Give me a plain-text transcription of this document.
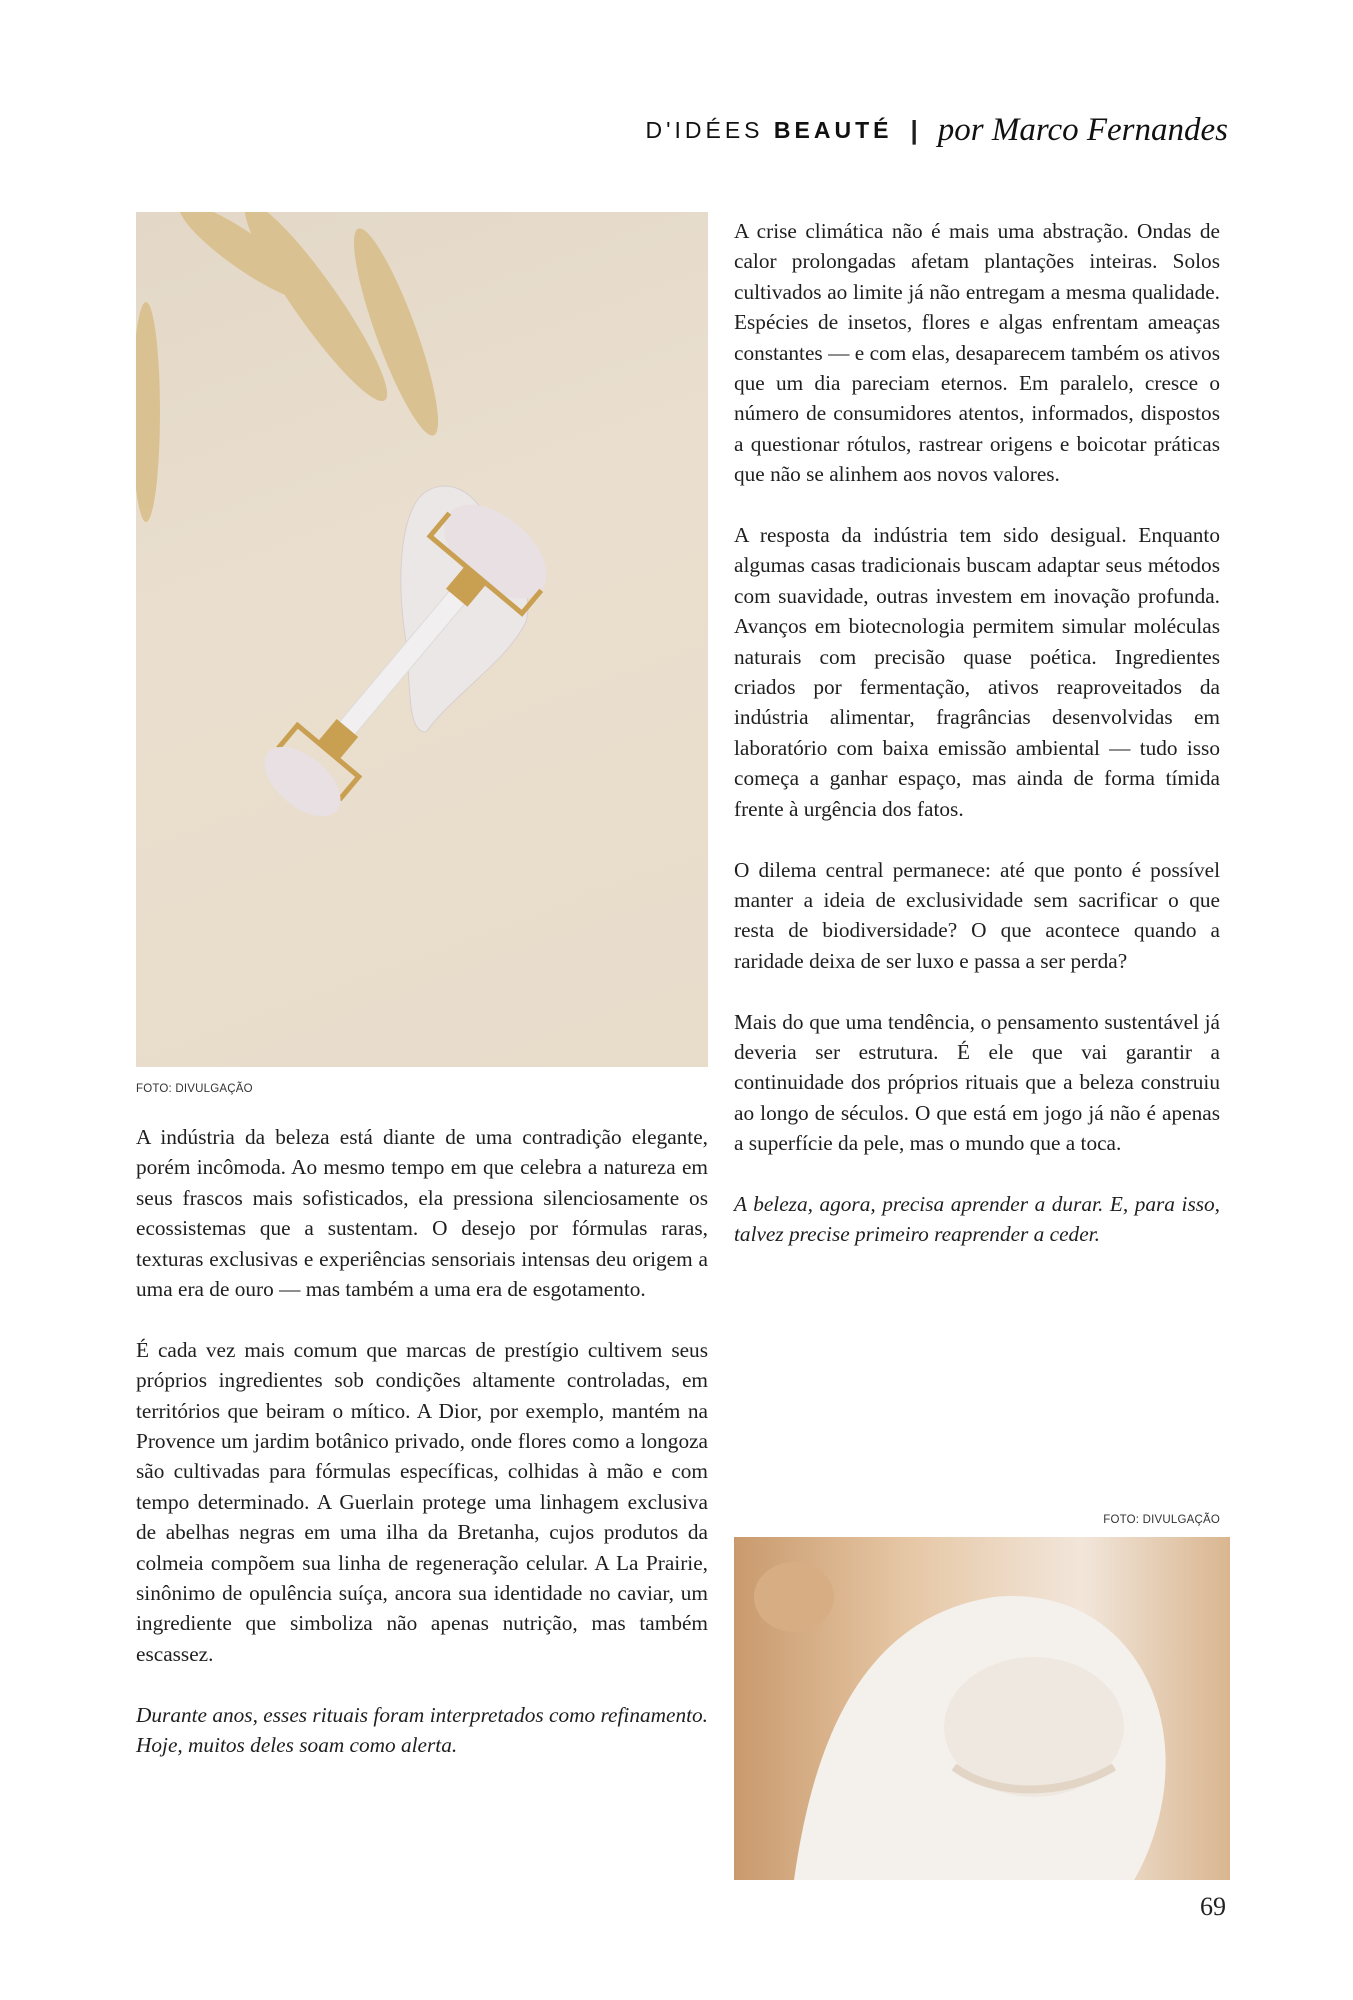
D'IDÉES BEAUTÉ | por Marco Fernandes
FOTO: DIVULGAÇÃO

A indústria da beleza está diante de uma contradição elegante, porém incômoda. Ao mesmo tempo em que celebra a natureza em seus frascos mais sofisticados, ela pressiona silenciosamente os ecossistemas que a sustentam. O desejo por fórmulas raras, texturas exclusivas e experiências sensoriais intensas deu origem a uma era de ouro — mas também a uma era de esgotamento.

É cada vez mais comum que marcas de prestígio cultivem seus próprios ingredientes sob condições altamente controladas, em territórios que beiram o mítico. A Dior, por exemplo, mantém na Provence um jardim botânico privado, onde flores como a longoza são cultivadas para fórmulas específicas, colhidas à mão e com tempo determinado. A Guerlain protege uma linhagem exclusiva de abelhas negras em uma ilha da Bretanha, cujos produtos da colmeia compõem sua linha de regeneração celular. A La Prairie, sinônimo de opulência suíça, ancora sua identidade no caviar, um ingrediente que simboliza não apenas nutrição, mas também escassez.

Durante anos, esses rituais foram interpretados como refinamento. Hoje, muitos deles soam como alerta.

A crise climática não é mais uma abstração. Ondas de calor prolongadas afetam plantações inteiras. Solos cultivados ao limite já não entregam a mesma qualidade. Espécies de insetos, flores e algas enfrentam ameaças constantes — e com elas, desaparecem também os ativos que um dia pareciam eternos. Em paralelo, cresce o número de consumidores atentos, informados, dispostos a questionar rótulos, rastrear origens e boicotar práticas que não se alinhem aos novos valores.

A resposta da indústria tem sido desigual. Enquanto algumas casas tradicionais buscam adaptar seus métodos com suavidade, outras investem em inovação profunda. Avanços em biotecnologia permitem simular moléculas naturais com precisão quase poética. Ingredientes criados por fermentação, ativos reaproveitados da indústria alimentar, fragrâncias desenvolvidas em laboratório com baixa emissão ambiental — tudo isso começa a ganhar espaço, mas ainda de forma tímida frente à urgência dos fatos.

O dilema central permanece: até que ponto é possível manter a ideia de exclusividade sem sacrificar o que resta de biodiversidade? O que acontece quando a raridade deixa de ser luxo e passa a ser perda?

Mais do que uma tendência, o pensamento sustentável já deveria ser estrutura. É ele que vai garantir a continuidade dos próprios rituais que a beleza construiu ao longo de séculos. O que está em jogo já não é apenas a superfície da pele, mas o mundo que a toca.

A beleza, agora, precisa aprender a durar. E, para isso, talvez precise primeiro reaprender a ceder.

FOTO: DIVULGAÇÃO
69
